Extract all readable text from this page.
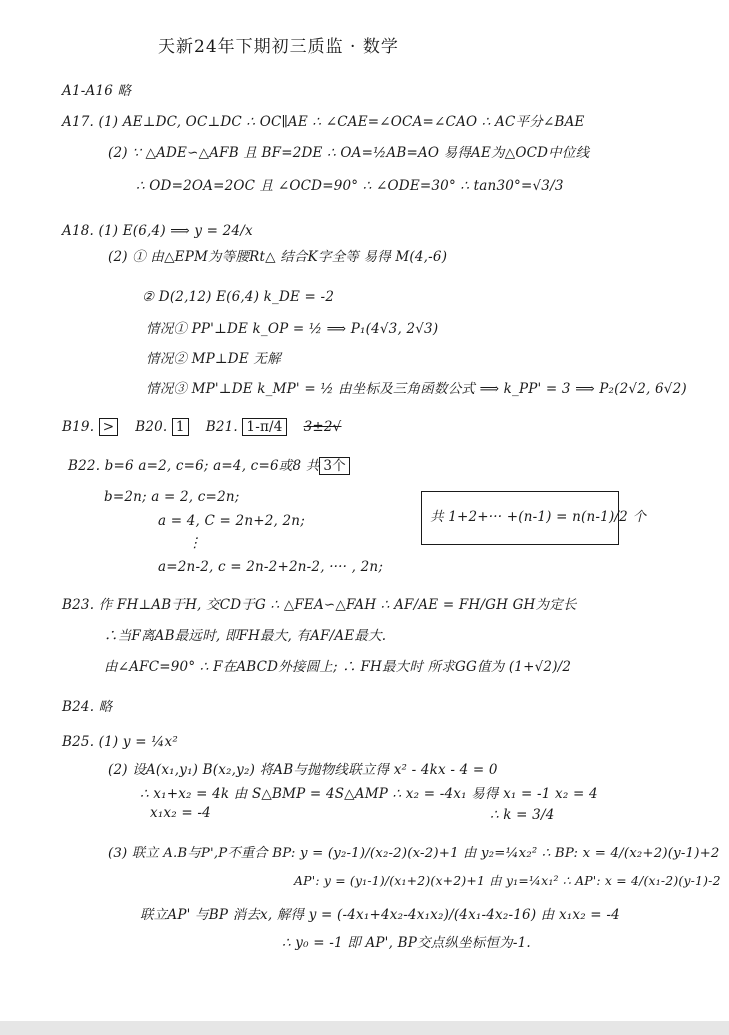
天新24年下期初三质监 · 数学
A1-A16 略
A17. (1) AE⊥DC, OC⊥DC ∴ OC∥AE ∴ ∠CAE=∠OCA=∠CAO ∴ AC平分∠BAE
(2) ∵ △ADE∽△AFB 且 BF=2DE ∴ OA=½AB=AO 易得AE为△OCD中位线
∴ OD=2OA=2OC 且 ∠OCD=90° ∴ ∠ODE=30° ∴ tan30°=√3/3
A18. (1) E(6,4) ⟹ y = 24/x
(2) ① 由△EPM为等腰Rt△ 结合K字全等 易得 M(4,-6)
② D(2,12) E(6,4) k_DE = -2
情况① PP'⊥DE k_OP = ½ ⟹ P₁(4√3, 2√3)
情况② MP⊥DE 无解
情况③ MP'⊥DE k_MP' = ½ 由坐标及三角函数公式 ⟹ k_PP' = 3 ⟹ P₂(2√2, 6√2)
B19. > B20. 1 B21. 1-π/4 3±2√
B22. b=6 a=2, c=6; a=4, c=6或8 共 3个
b=2n; a = 2, c=2n;
a = 4, C = 2n+2, 2n;
⋮
a=2n-2, c = 2n-2+2n-2, ···· , 2n;
共 1+2+··· +(n-1) = n(n-1)/2 个
B23. 作 FH⊥AB于H, 交CD于G ∴ △FEA∽△FAH ∴ AF/AE = FH/GH GH为定长
∴当F离AB最远时, 即FH最大, 有AF/AE最大.
由∠AFC=90° ∴ F在ABCD外接圆上; ∴ FH最大时 所求GG值为 (1+√2)/2
B24. 略
B25. (1) y = ¼x²
(2) 设A(x₁,y₁) B(x₂,y₂) 将AB与抛物线联立得 x² - 4kx - 4 = 0
∴ x₁+x₂ = 4k 由 S△BMP = 4S△AMP ∴ x₂ = -4x₁ 易得 x₁ = -1 x₂ = 4
x₁x₂ = -4	∴ k = 3/4
(3) 联立 A.B与P',P不重合 BP: y = (y₂-1)/(x₂-2)(x-2)+1 由 y₂=¼x₂² ∴ BP: x = 4/(x₂+2)(y-1)+2
AP': y = (y₁-1)/(x₁+2)(x+2)+1 由 y₁=¼x₁² ∴ AP': x = 4/(x₁-2)(y-1)-2
联立AP' 与BP 消去x, 解得 y = (-4x₁+4x₂-4x₁x₂)/(4x₁-4x₂-16) 由 x₁x₂ = -4
∴ y₀ = -1 即 AP', BP交点纵坐标恒为-1.
